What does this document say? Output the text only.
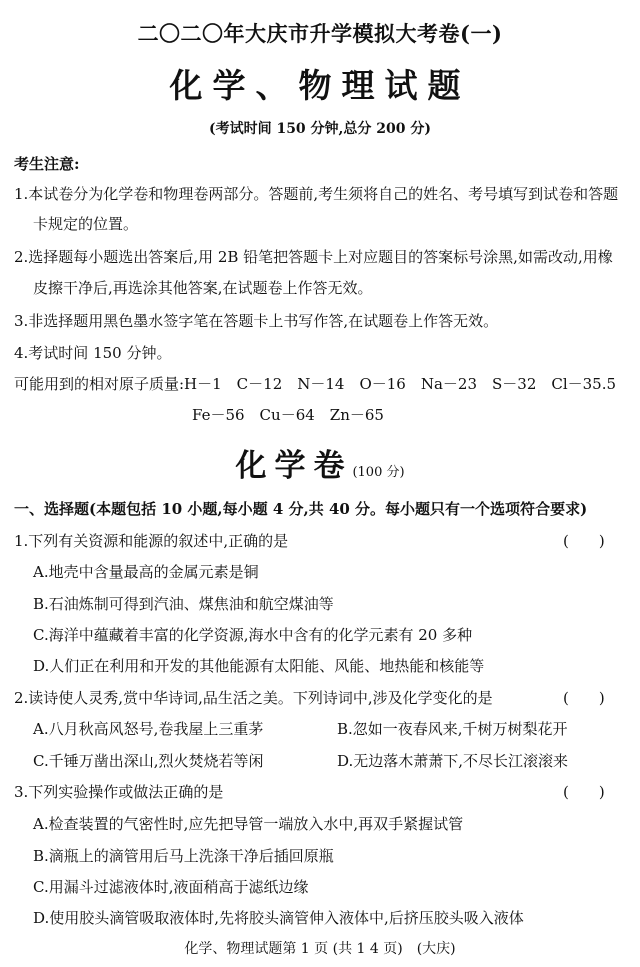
二〇二〇年大庆市升学模拟大考卷(一)
化学、物理试题
(考试时间 150 分钟,总分 200 分)
考生注意:
1.本试卷分为化学卷和物理卷两部分。答题前,考生须将自己的姓名、考号填写到试卷和答题
卡规定的位置。
2.选择题每小题选出答案后,用 2B 铅笔把答题卡上对应题目的答案标号涂黑,如需改动,用橡
皮擦干净后,再选涂其他答案,在试题卷上作答无效。
3.非选择题用黑色墨水签字笔在答题卡上书写作答,在试题卷上作答无效。
4.考试时间 150 分钟。
可能用到的相对原子质量:H－1　C－12　N－14　O－16　Na－23　S－32　Cl－35.5
Fe－56　Cu－64　Zn－65
化学卷(100 分)
一、选择题(本题包括 10 小题,每小题 4 分,共 40 分。每小题只有一个选项符合要求)
1.下列有关资源和能源的叙述中,正确的是	(　　)
A.地壳中含量最高的金属元素是铜
B.石油炼制可得到汽油、煤焦油和航空煤油等
C.海洋中蕴藏着丰富的化学资源,海水中含有的化学元素有 20 多种
D.人们正在利用和开发的其他能源有太阳能、风能、地热能和核能等
2.读诗使人灵秀,赏中华诗词,品生活之美。下列诗词中,涉及化学变化的是	(　　)
A.八月秋高风怒号,卷我屋上三重茅	B.忽如一夜春风来,千树万树梨花开
C.千锤万凿出深山,烈火焚烧若等闲	D.无边落木萧萧下,不尽长江滚滚来
3.下列实验操作或做法正确的是	(　　)
A.检查装置的气密性时,应先把导管一端放入水中,再双手紧握试管
B.滴瓶上的滴管用后马上洗涤干净后插回原瓶
C.用漏斗过滤液体时,液面稍高于滤纸边缘
D.使用胶头滴管吸取液体时,先将胶头滴管伸入液体中,后挤压胶头吸入液体
化学、物理试题第 1 页 (共 1 4 页)　(大庆)
